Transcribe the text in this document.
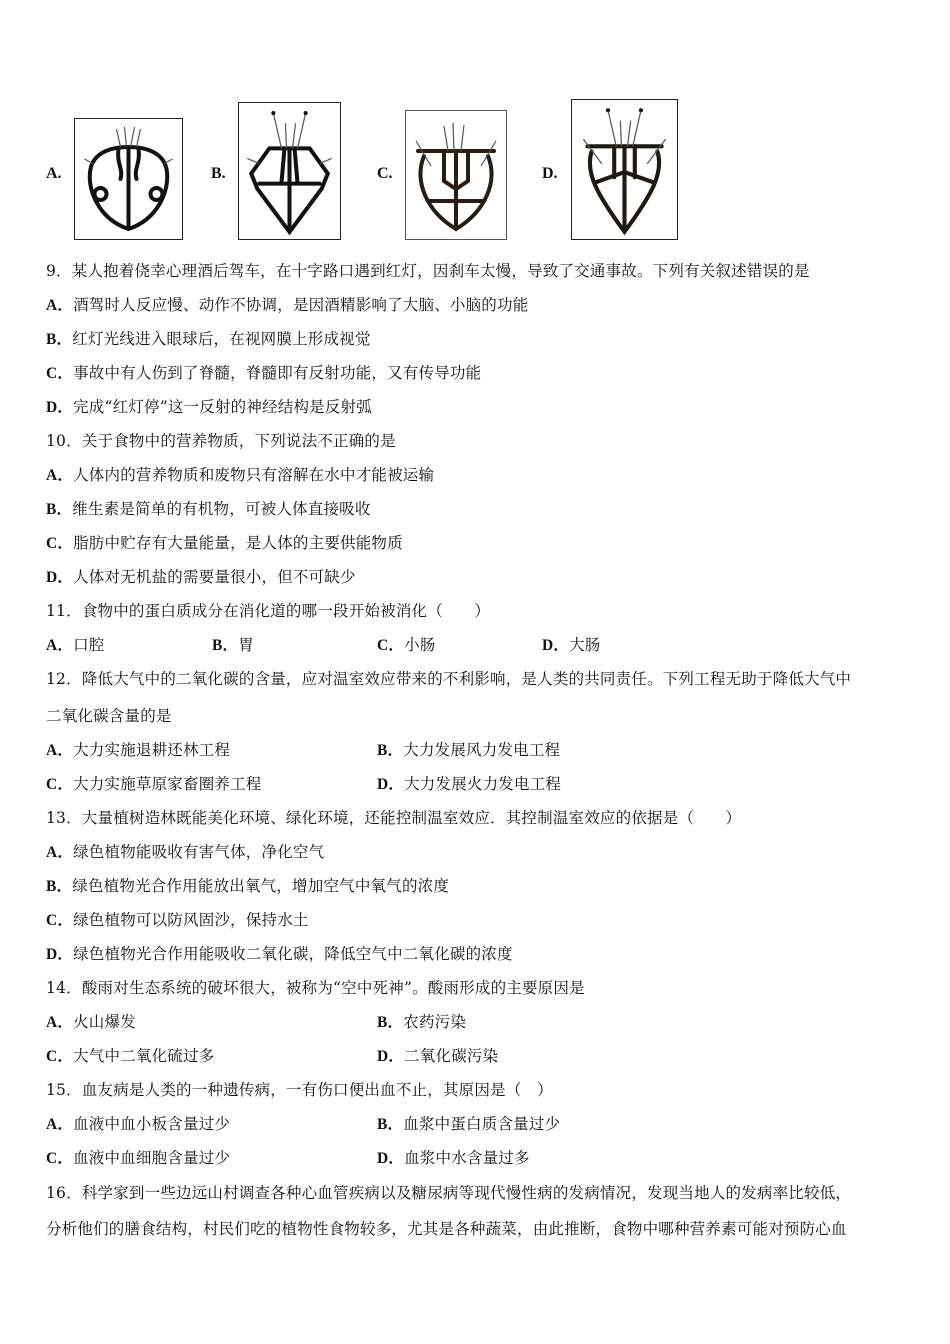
A.	B.	C.	D.
9．某人抱着侥幸心理酒后驾车，在十字路口遇到红灯，因刹车太慢，导致了交通事故。下列有关叙述错误的是
A．酒驾时人反应慢、动作不协调，是因酒精影响了大脑、小脑的功能
B．红灯光线进入眼球后，在视网膜上形成视觉
C．事故中有人伤到了脊髓，脊髓即有反射功能，又有传导功能
D．完成“红灯停”这一反射的神经结构是反射弧
10．关于食物中的营养物质，下列说法不正确的是
A．人体内的营养物质和废物只有溶解在水中才能被运输
B．维生素是简单的有机物，可被人体直接吸收
C．脂肪中贮存有大量能量，是人体的主要供能物质
D．人体对无机盐的需要量很小，但不可缺少
11．食物中的蛋白质成分在消化道的哪一段开始被消化（　　）
A．口腔	B．胃	C．小肠	D．大肠
12．降低大气中的二氧化碳的含量，应对温室效应带来的不利影响，是人类的共同责任。下列工程无助于降低大气中
二氧化碳含量的是
A．大力实施退耕还林工程	B．大力发展风力发电工程
C．大力实施草原家畜圈养工程	D．大力发展火力发电工程
13．大量植树造林既能美化环境、绿化环境，还能控制温室效应．其控制温室效应的依据是（　　）
A．绿色植物能吸收有害气体，净化空气
B．绿色植物光合作用能放出氧气，增加空气中氧气的浓度
C．绿色植物可以防风固沙，保持水土
D．绿色植物光合作用能吸收二氧化碳，降低空气中二氧化碳的浓度
14．酸雨对生态系统的破坏很大，被称为“空中死神”。酸雨形成的主要原因是
A．火山爆发	B．农药污染
C．大气中二氧化硫过多	D．二氧化碳污染
15．血友病是人类的一种遗传病，一有伤口便出血不止，其原因是（　）
A．血液中血小板含量过少	B．血浆中蛋白质含量过少
C．血液中血细胞含量过少	D．血浆中水含量过多
16．科学家到一些边远山村调查各种心血管疾病以及糖尿病等现代慢性病的发病情况，发现当地人的发病率比较低，
分析他们的膳食结构，村民们吃的植物性食物较多，尤其是各种蔬菜，由此推断，食物中哪种营养素可能对预防心血
